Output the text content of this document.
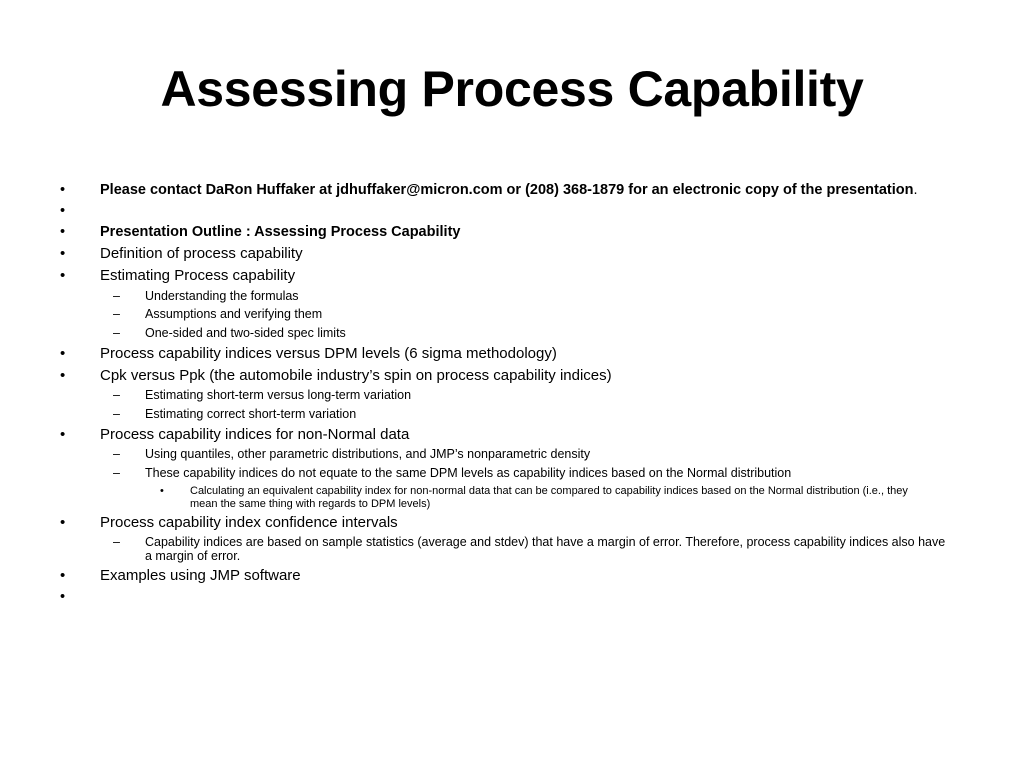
Assessing Process Capability
• Please contact DaRon Huffaker at jdhuffaker@micron.com or (208) 368-1879 for an electronic copy of the presentation.
•
• Presentation Outline : Assessing Process Capability
• Definition of process capability
• Estimating Process capability
– Understanding the formulas
– Assumptions and verifying them
– One-sided and two-sided spec limits
• Process capability indices versus DPM levels (6 sigma methodology)
• Cpk versus Ppk (the automobile industry’s spin on process capability indices)
– Estimating short-term versus long-term variation
– Estimating correct short-term variation
• Process capability indices for non-Normal data
– Using quantiles, other parametric distributions, and JMP’s nonparametric density
– These capability indices do not equate to the same DPM levels as capability indices based on the Normal distribution
• Calculating an equivalent capability index for non-normal data that can be compared to capability indices based on the Normal distribution (i.e., they mean the same thing with regards to DPM levels)
• Process capability index confidence intervals
– Capability indices are based on sample statistics (average and stdev) that have a margin of error. Therefore, process capability indices also have a margin of error.
• Examples using JMP software
•
